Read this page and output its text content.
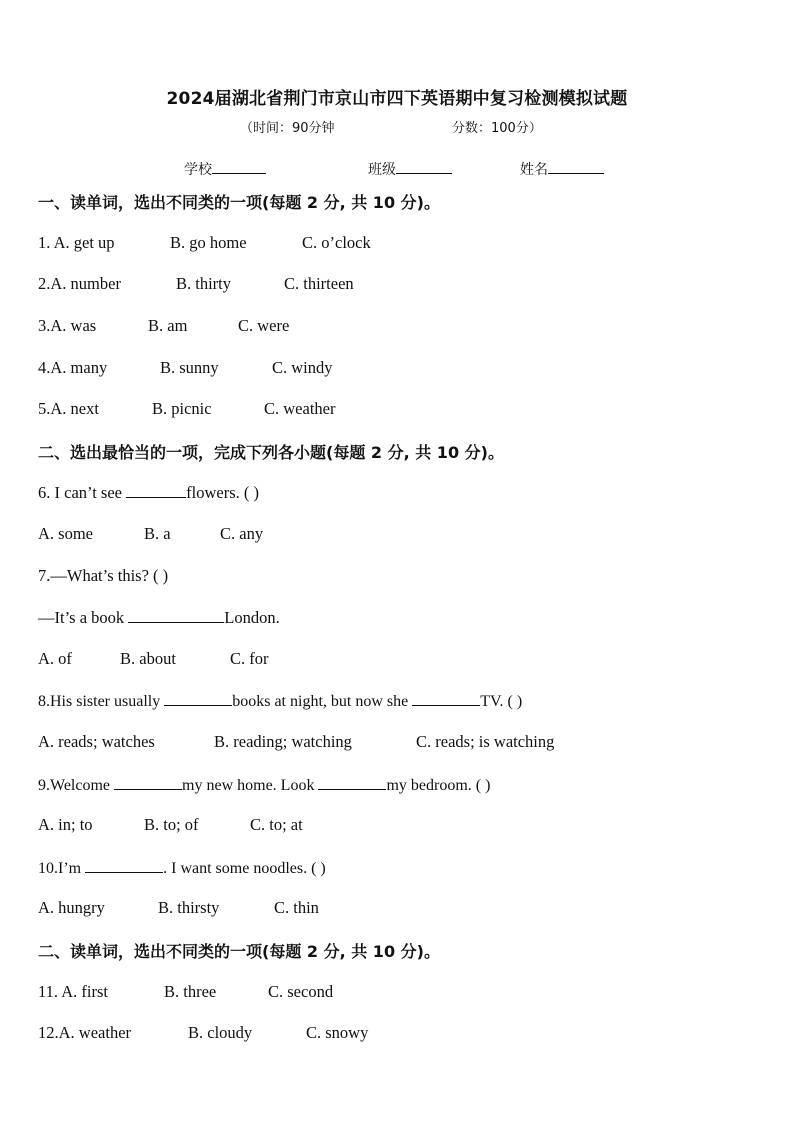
2024届湖北省荆门市京山市四下英语期中复习检测模拟试题
（时间：90分钟	分数：100分）
学校	班级	姓名
一、读单词，选出不同类的一项(每题 2 分, 共 10 分)。
1. A. get up	B. go home	C. o’clock
2.A. number	B. thirty	C. thirteen
3.A. was	B. am	C. were
4.A. many	B. sunny	C. windy
5.A. next	B. picnic	C. weather
二、选出最恰当的一项，完成下列各小题(每题 2 分, 共 10 分)。
6. I can’t see	flowers. ( )
A. some	B. a	C. any
7.—What’s this? ( )
—It’s a book	London.
A. of	B. about	C. for
8.His sister usually	books at night, but now she	TV. ( )
A. reads; watches	B. reading; watching	C. reads; is watching
9.Welcome	my new home. Look	my bedroom. ( )
A. in; to	B. to; of	C. to; at
10.I’m	. I want some noodles. ( )
A. hungry	B. thirsty	C. thin
二、读单词，选出不同类的一项(每题 2 分, 共 10 分)。
11. A. first	B. three	C. second
12.A. weather	B. cloudy	C. snowy
